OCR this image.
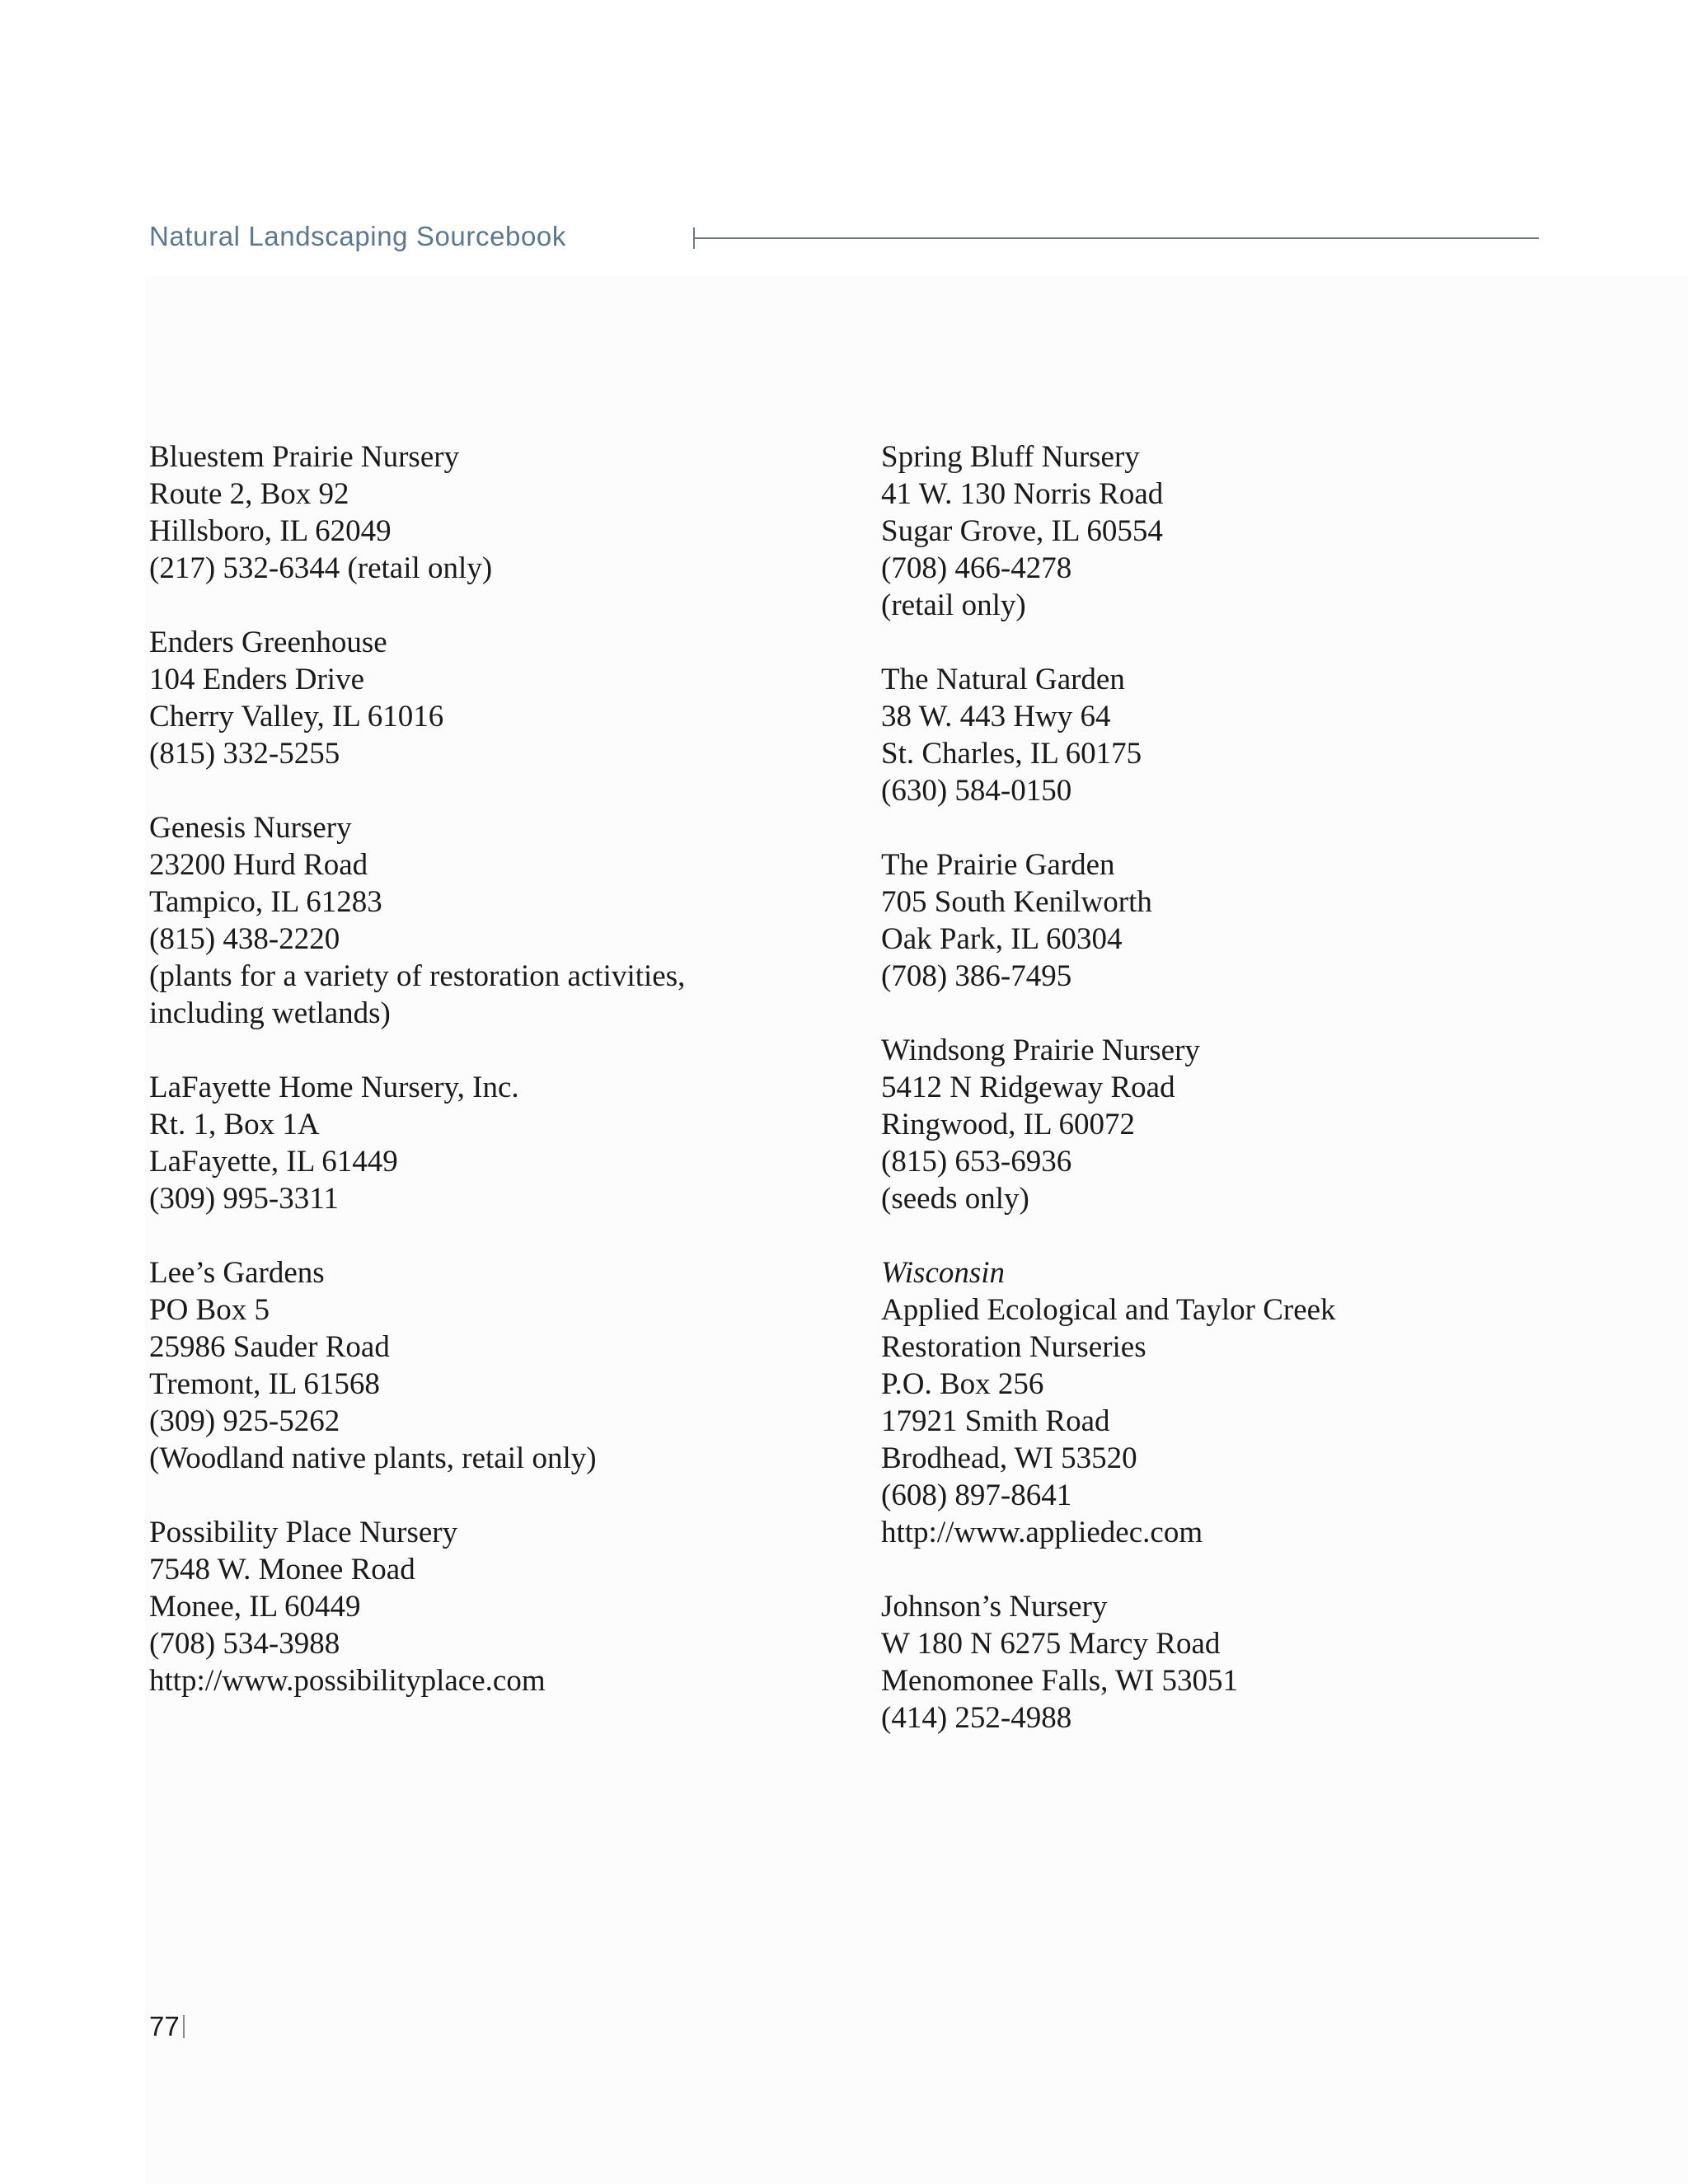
Natural Landscaping Sourcebook
Bluestem Prairie Nursery
Route 2, Box 92
Hillsboro, IL 62049
(217) 532-6344 (retail only)
Enders Greenhouse
104 Enders Drive
Cherry Valley, IL 61016
(815) 332-5255
Genesis Nursery
23200 Hurd Road
Tampico, IL 61283
(815) 438-2220
(plants for a variety of restoration activities,
including wetlands)
LaFayette Home Nursery, Inc.
Rt. 1, Box 1A
LaFayette, IL 61449
(309) 995-3311
Lee’s Gardens
PO Box 5
25986 Sauder Road
Tremont, IL 61568
(309) 925-5262
(Woodland native plants, retail only)
Possibility Place Nursery
7548 W. Monee Road
Monee, IL 60449
(708) 534-3988
http://www.possibilityplace.com
Spring Bluff Nursery
41 W. 130 Norris Road
Sugar Grove, IL 60554
(708) 466-4278
(retail only)
The Natural Garden
38 W. 443 Hwy 64
St. Charles, IL 60175
(630) 584-0150
The Prairie Garden
705 South Kenilworth
Oak Park, IL 60304
(708) 386-7495
Windsong Prairie Nursery
5412 N Ridgeway Road
Ringwood, IL 60072
(815) 653-6936
(seeds only)
Wisconsin
Applied Ecological and Taylor Creek
Restoration Nurseries
P.O. Box 256
17921 Smith Road
Brodhead, WI 53520
(608) 897-8641
http://www.appliedec.com
Johnson’s Nursery
W 180 N 6275 Marcy Road
Menomonee Falls, WI 53051
(414) 252-4988
77
